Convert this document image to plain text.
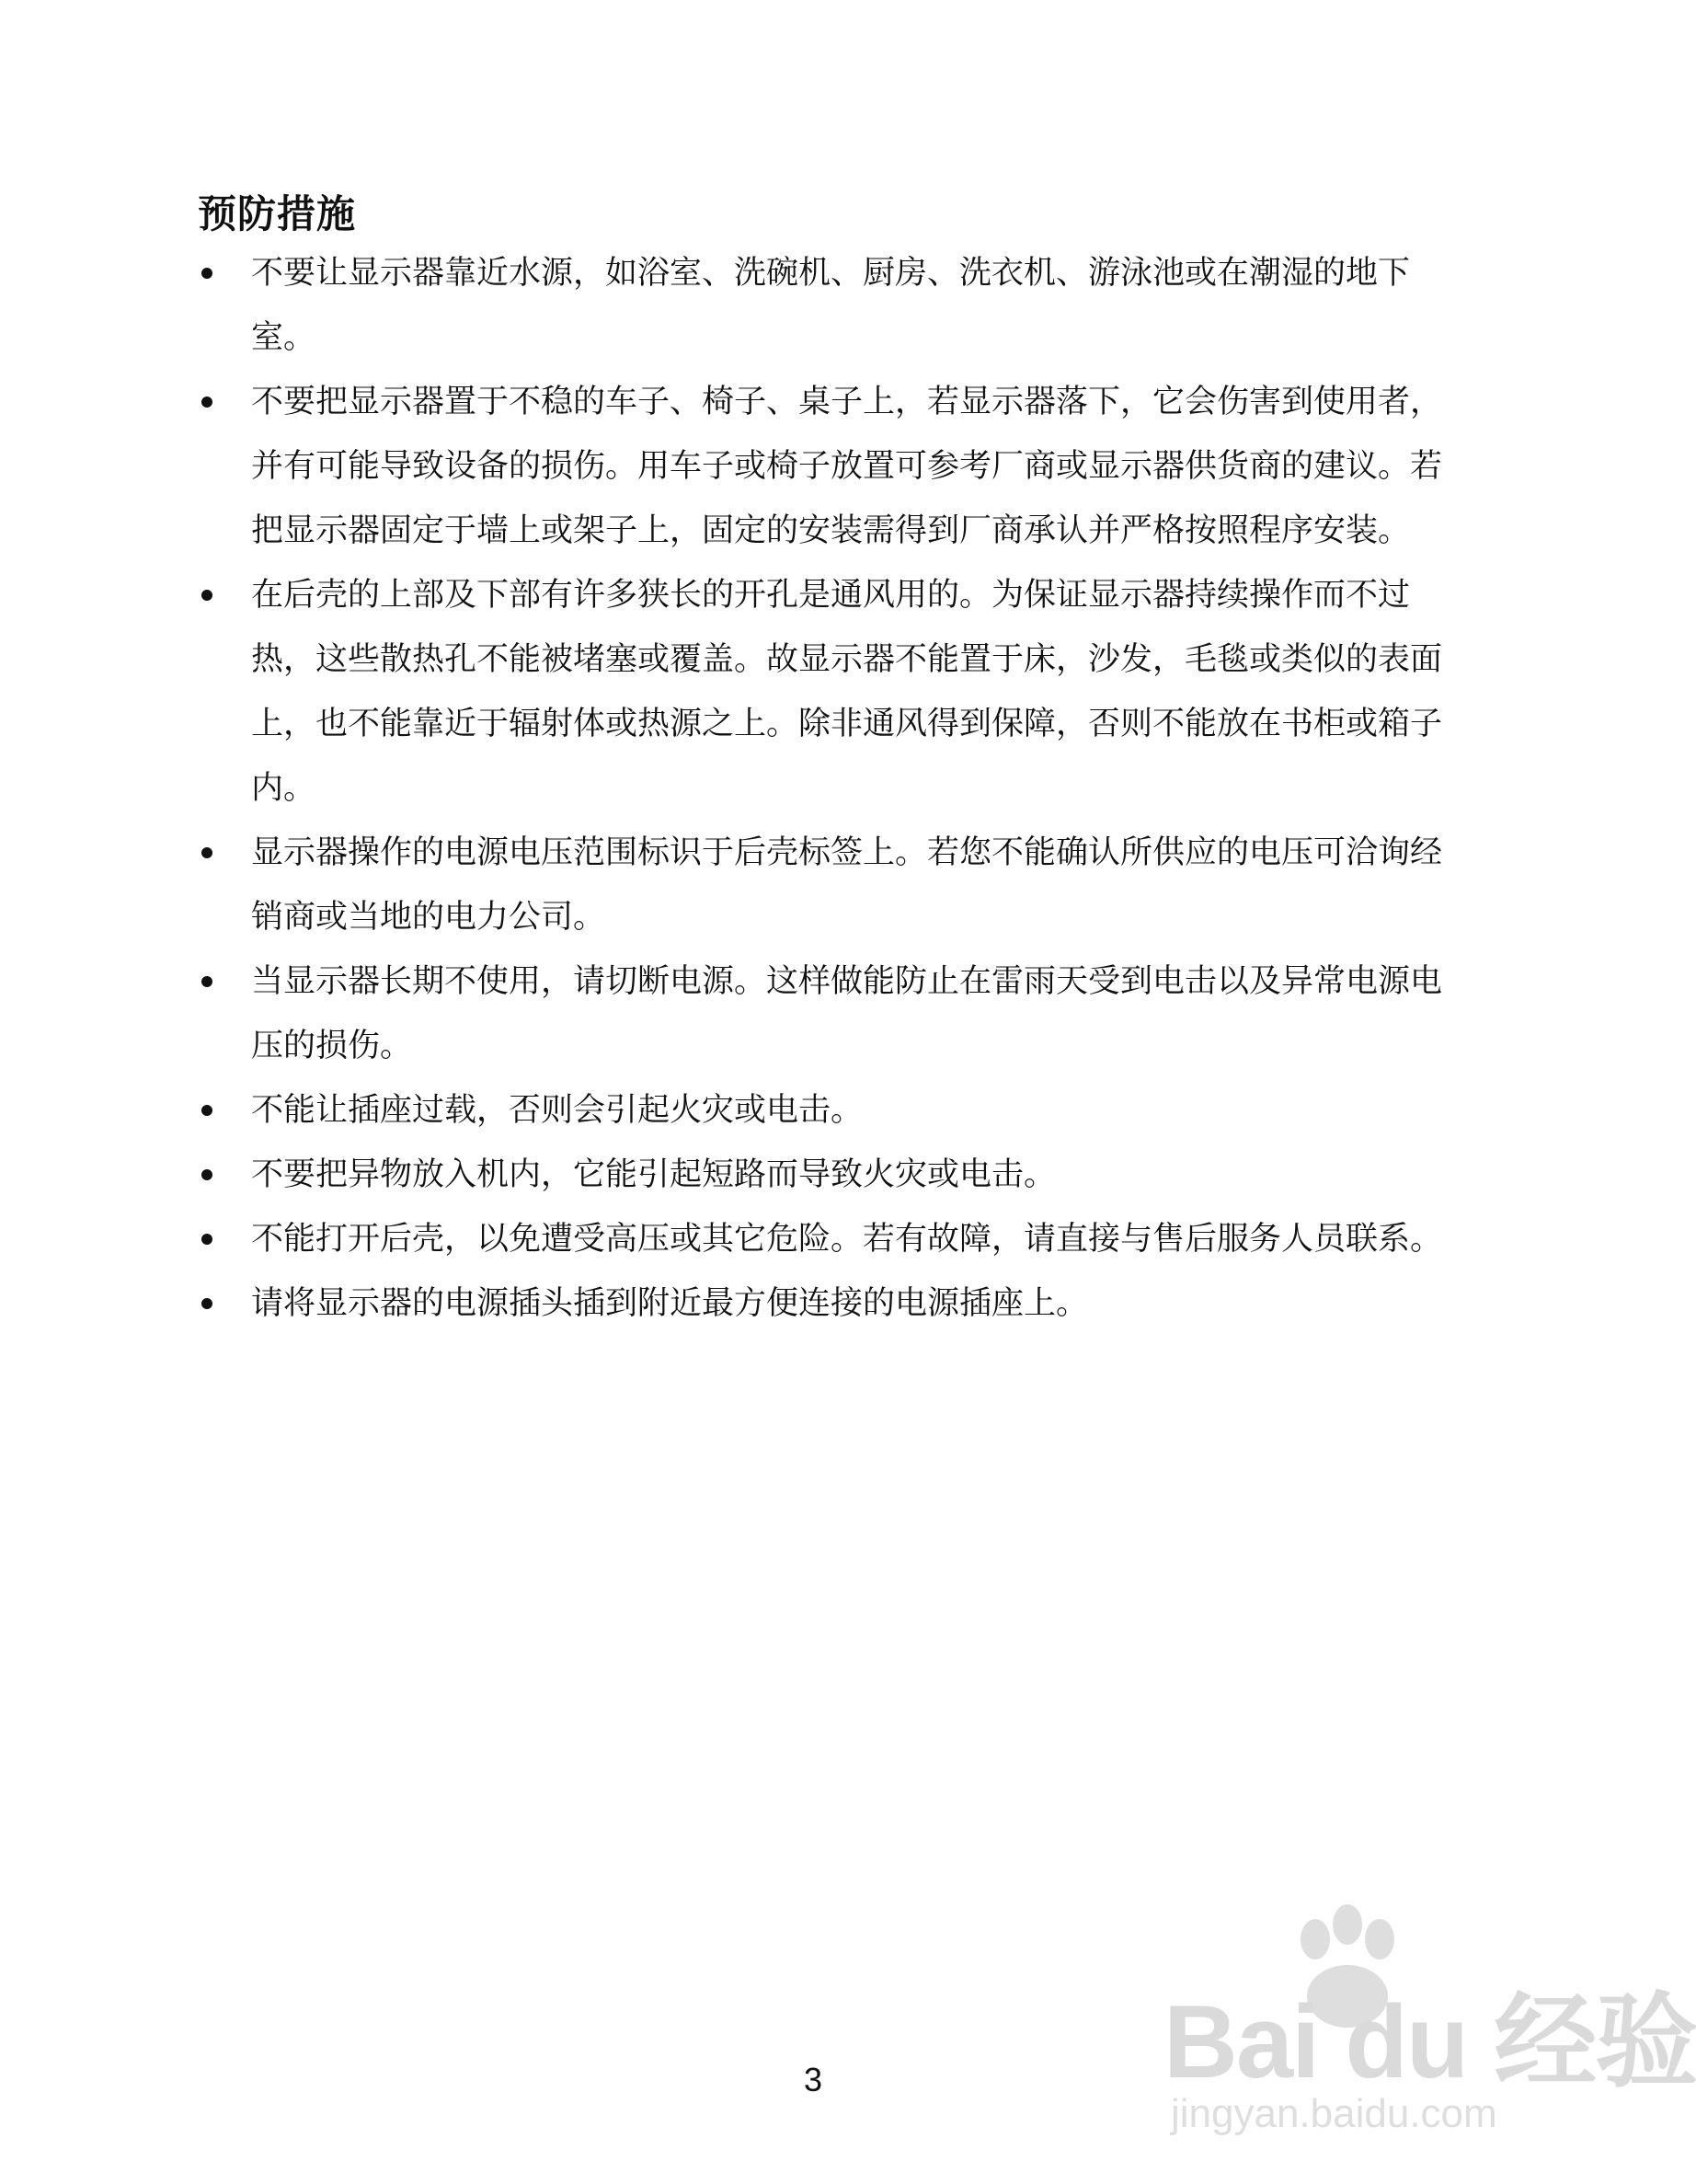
预防措施
不要让显示器靠近水源，如浴室、洗碗机、厨房、洗衣机、游泳池或在潮湿的地下室。
不要把显示器置于不稳的车子、椅子、桌子上，若显示器落下，它会伤害到使用者，并有可能导致设备的损伤。用车子或椅子放置可参考厂商或显示器供货商的建议。若把显示器固定于墙上或架子上，固定的安装需得到厂商承认并严格按照程序安装。
在后壳的上部及下部有许多狭长的开孔是通风用的。为保证显示器持续操作而不过热，这些散热孔不能被堵塞或覆盖。故显示器不能置于床，沙发，毛毯或类似的表面上，也不能靠近于辐射体或热源之上。除非通风得到保障，否则不能放在书柜或箱子内。
显示器操作的电源电压范围标识于后壳标签上。若您不能确认所供应的电压可洽询经销商或当地的电力公司。
当显示器长期不使用，请切断电源。这样做能防止在雷雨天受到电击以及异常电源电压的损伤。
不能让插座过载，否则会引起火灾或电击。
不要把异物放入机内，它能引起短路而导致火灾或电击。
不能打开后壳，以免遭受高压或其它危险。若有故障，请直接与售后服务人员联系。
请将显示器的电源插头插到附近最方便连接的电源插座上。
3	Bai du 经验
jingyan.baidu.com
